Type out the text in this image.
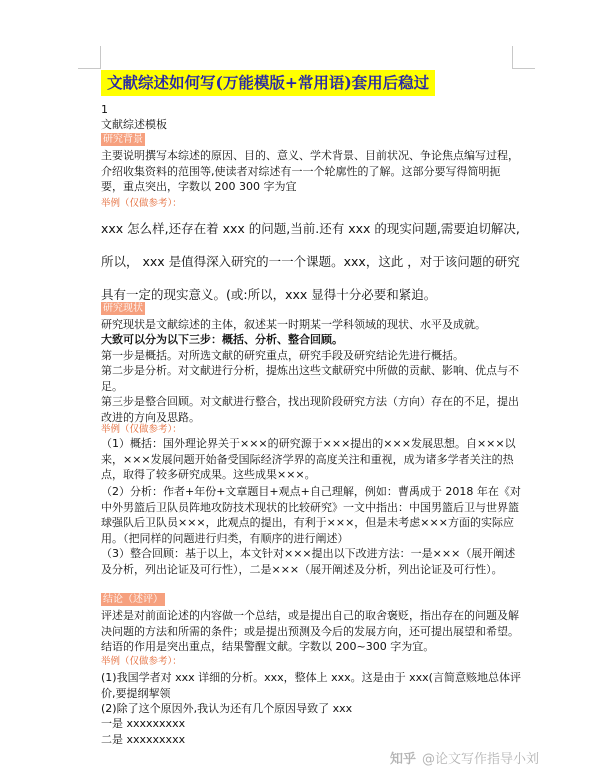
文献综述如何写(万能模版+常用语)套用后稳过
1
文献综述模板
研究背景
主要说明撰写本综述的原因、目的、意义、学术背景、目前状况、争论焦点编写过程，介绍收集资料的范围等,使读者对综述有一一个轮廓性的了解。这部分要写得简明扼要，重点突出，字数以 200 300 字为宜
举例（仅做参考）：
xxx 怎么样,还存在着 xxx 的问题,当前.还有 xxx 的现实问题,需要迫切解决,所以， xxx 是值得深入研究的一一个课题。xxx，这此 ，对于该问题的研究具有一定的现实意义。(或:所以，xxx 显得十分必要和紧迫。
研究现状
研究现状是文献综述的主体，叙述某一时期某一学科领域的现状、水平及成就。
大致可以分为以下三步：概括、分析、整合回顾。
第一步是概括。对所选文献的研究重点，研究手段及研究结论先进行概括。
第二步是分析。对文献进行分析，提炼出这些文献研究中所做的贡献、影响、优点与不足。
第三步是整合回顾。对文献进行整合，找出现阶段研究方法（方向）存在的不足，提出改进的方向及思路。
举例（仅做参考）：
（1）概括：国外理论界关于×××的研究源于×××提出的×××发展思想。自×××以来，×××发展问题开始备受国际经济学界的高度关注和重视，成为诸多学者关注的热点，取得了较多研究成果。这些成果×××。
（2）分析：作者+年份+文章题目+观点+自己理解，例如：曹禹成于 2018 年在《对中外男篮后卫队员阵地攻防技术现状的比较研究》一文中指出：中国男篮后卫与世界篮球强队后卫队员×××，此观点的提出，有利于×××，但是未考虑×××方面的实际应用。（把同样的问题进行归类，有顺序的进行阐述）
（3）整合回顾：基于以上，本文针对×××提出以下改进方法：一是×××（展开阐述及分析，列出论证及可行性），二是×××（展开阐述及分析，列出论证及可行性）。
结论（述评）
评述是对前面论述的内容做一个总结，或是提出自己的取舍褒贬，指出存在的问题及解决问题的方法和所需的条件；或是提出预测及今后的发展方向，还可提出展望和希望。结语的作用是突出重点，结果警醒文献。字数以 200~300 字为宜。
举例（仅做参考）：
(1)我国学者对 xxx 详细的分析。xxx，整体上 xxx。这是由于 xxx(言简意赅地总体评价,要提纲挈领
(2)除了这个原因外,我认为还有几个原因导致了 xxx
一是 xxxxxxxxx
二是 xxxxxxxxx
知乎 @论文写作指导小刘
